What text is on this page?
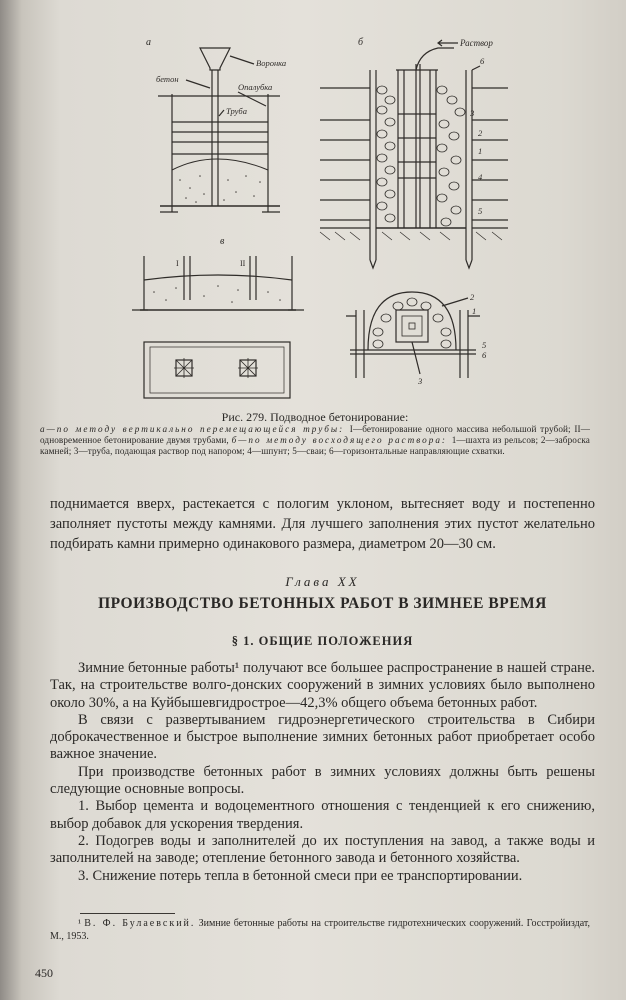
а
Воронка
бетон
Опалубка
Труба
б	Раствор
6
3
2
1
4
5
в
I	II
2
1
5
6
3
Рис. 279. Подводное бетонирование:
а—по методу вертикально перемещающейся трубы: I—бетонирование одного массива небольшой трубой; II—одновременное бетонирование двумя трубами, б—по методу восходящего раствора: 1—шахта из рельсов; 2—заброска камней; 3—труба, подающая раствор под напором; 4—шпунт; 5—сваи; 6—горизонтальные направляющие схватки.
поднимается вверх, растекается с пологим уклоном, вытесняет воду и постепенно заполняет пустоты между камнями. Для лучшего заполнения этих пустот желательно подбирать камни примерно одинакового размера, диаметром 20—30 см.
Глава XX
ПРОИЗВОДСТВО БЕТОННЫХ РАБОТ В ЗИМНЕЕ ВРЕМЯ
§ 1. ОБЩИЕ ПОЛОЖЕНИЯ

Зимние бетонные работы¹ получают все большее распространение в нашей стране. Так, на строительстве волго-донских сооружений в зимних условиях было выполнено около 30%, а на Куйбышевгидрострое—42,3% общего объема бетонных работ.

В связи с развертыванием гидроэнергетического строительства в Сибири доброкачественное и быстрое выполнение зимних бетонных работ приобретает особо важное значение.

При производстве бетонных работ в зимних условиях должны быть решены следующие основные вопросы.

1. Выбор цемента и водоцементного отношения с тенденцией к его снижению, выбор добавок для ускорения твердения.

2. Подогрев воды и заполнителей до их поступления на завод, а также воды и заполнителей на заводе; отепление бетонного завода и бетонного хозяйства.

3. Снижение потерь тепла в бетонной смеси при ее транспортировании.

¹ В. Ф. Булаевский. Зимние бетонные работы на строительстве гидротехнических сооружений. Госстройиздат, М., 1953.
450
